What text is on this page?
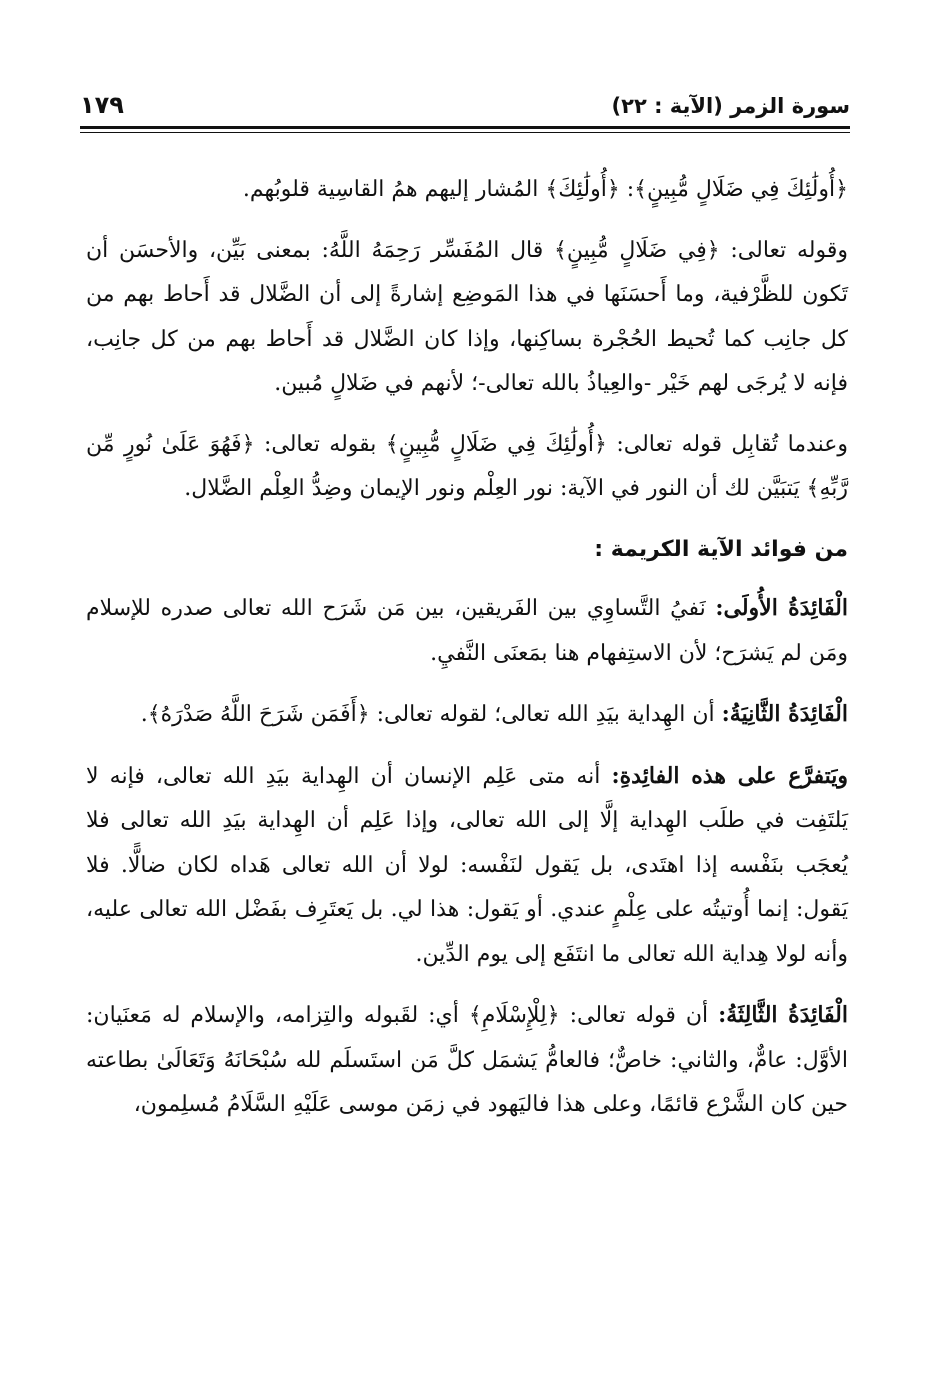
سورة الزمر (الآية : ٢٢)
١٧٩

﴿أُولَٰئِكَ فِي ضَلَالٍ مُّبِينٍ﴾: ﴿أُولَٰئِكَ﴾ المُشار إليهم همُ القاسِية قلوبُهم.

وقوله تعالى: ﴿فِي ضَلَالٍ مُّبِينٍ﴾ قال المُفَسِّر رَحِمَهُ اللَّهُ: بمعنى بَيِّن، والأحسَن أن تَكون للظَّرْفية، وما أَحسَنَها في هذا المَوضِع إشارةً إلى أن الضَّلال قد أَحاط بهم من كل جانِب كما تُحيط الحُجْرة بساكِنها، وإذا كان الضَّلال قد أَحاط بهم من كل جانِب، فإنه لا يُرجَى لهم خَيْر -والعِياذُ بالله تعالى-؛ لأنهم في ضَلالٍ مُبين.

وعندما تُقابِل قوله تعالى: ﴿أُولَٰئِكَ فِي ضَلَالٍ مُّبِينٍ﴾ بقوله تعالى: ﴿فَهُوَ عَلَىٰ نُورٍ مِّن رَّبِّهِ﴾ يَتبَيَّن لك أن النور في الآية: نور العِلْم ونور الإيمان وضِدُّ العِلْم الضَّلال.

من فوائد الآية الكريمة :

الْفَائِدَةُ الأُولَى: نَفيُ التَّساوِي بين الفَريقين، بين مَن شَرَح الله تعالى صدره للإسلام ومَن لم يَشرَح؛ لأن الاستِفهام هنا بمَعنَى النَّفيِ.

الْفَائِدَةُ الثَّانِيَةُ: أن الهِداية بيَدِ الله تعالى؛ لقوله تعالى: ﴿أَفَمَن شَرَحَ اللَّهُ صَدْرَهُ﴾.

ويَتفرَّع على هذه الفائِدةِ: أنه متى عَلِم الإنسان أن الهِداية بيَدِ الله تعالى، فإنه لا يَلتَفِت في طلَب الهِداية إلَّا إلى الله تعالى، وإذا عَلِم أن الهِداية بيَدِ الله تعالى فلا يُعجَب بنَفْسه إذا اهتَدى، بل يَقول لنَفْسه: لولا أن الله تعالى هَداه لكان ضالًّا. فلا يَقول: إنما أُوتيتُه على عِلْمٍ عندي. أو يَقول: هذا لي. بل يَعتَرِف بفَضْل الله تعالى عليه، وأنه لولا هِداية الله تعالى ما انتَفَع إلى يوم الدِّين.

الْفَائِدَةُ الثَّالِثَةُ: أن قوله تعالى: ﴿لِلْإِسْلَامِ﴾ أي: لقَبوله والتِزامه، والإسلام له مَعنَيان: الأوَّل: عامٌّ، والثاني: خاصٌّ؛ فالعامُّ يَشمَل كلَّ مَن استَسلَم لله سُبْحَانَهُ وَتَعَالَىٰ بطاعته حين كان الشَّرْع قائمًا، وعلى هذا فاليَهود في زمَن موسى عَلَيْهِ السَّلَامُ مُسلِمون،
